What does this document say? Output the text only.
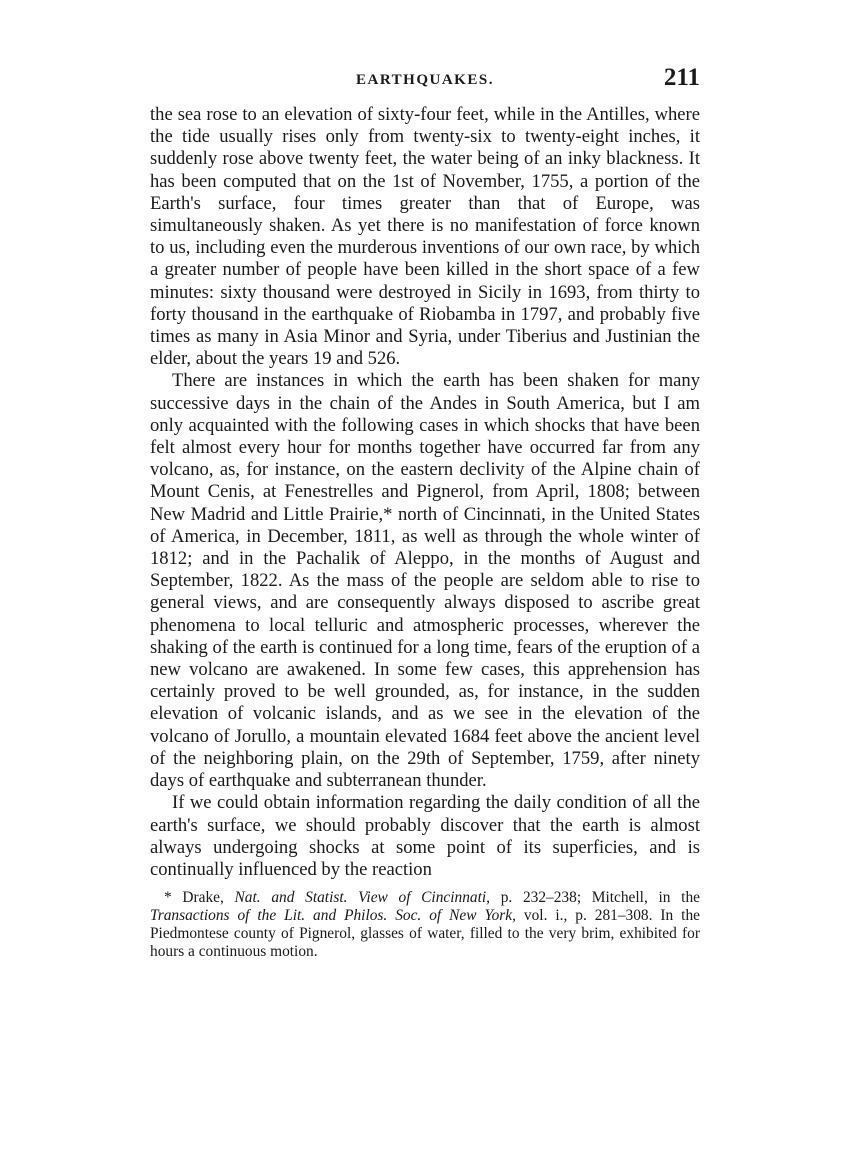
EARTHQUAKES.	211

the sea rose to an elevation of sixty-four feet, while in the Antilles, where the tide usually rises only from twenty-six to twenty-eight inches, it suddenly rose above twenty feet, the water being of an inky blackness. It has been computed that on the 1st of November, 1755, a portion of the Earth's surface, four times greater than that of Europe, was simultaneously shaken. As yet there is no manifestation of force known to us, including even the murderous inventions of our own race, by which a greater number of people have been killed in the short space of a few minutes: sixty thousand were destroyed in Sicily in 1693, from thirty to forty thousand in the earthquake of Riobamba in 1797, and probably five times as many in Asia Minor and Syria, under Tiberius and Justinian the elder, about the years 19 and 526.

There are instances in which the earth has been shaken for many successive days in the chain of the Andes in South America, but I am only acquainted with the following cases in which shocks that have been felt almost every hour for months together have occurred far from any volcano, as, for instance, on the eastern declivity of the Alpine chain of Mount Cenis, at Fenestrelles and Pignerol, from April, 1808; between New Madrid and Little Prairie,* north of Cincinnati, in the United States of America, in December, 1811, as well as through the whole winter of 1812; and in the Pachalik of Aleppo, in the months of August and September, 1822. As the mass of the people are seldom able to rise to general views, and are consequently always disposed to ascribe great phenomena to local telluric and atmospheric processes, wherever the shaking of the earth is continued for a long time, fears of the eruption of a new volcano are awakened. In some few cases, this apprehension has certainly proved to be well grounded, as, for instance, in the sudden elevation of volcanic islands, and as we see in the elevation of the volcano of Jorullo, a mountain elevated 1684 feet above the ancient level of the neighboring plain, on the 29th of September, 1759, after ninety days of earthquake and subterranean thunder.

If we could obtain information regarding the daily condition of all the earth's surface, we should probably discover that the earth is almost always undergoing shocks at some point of its superficies, and is continually influenced by the reaction

* Drake, Nat. and Statist. View of Cincinnati, p. 232–238; Mitchell, in the Transactions of the Lit. and Philos. Soc. of New York, vol. i., p. 281–308. In the Piedmontese county of Pignerol, glasses of water, filled to the very brim, exhibited for hours a continuous motion.
